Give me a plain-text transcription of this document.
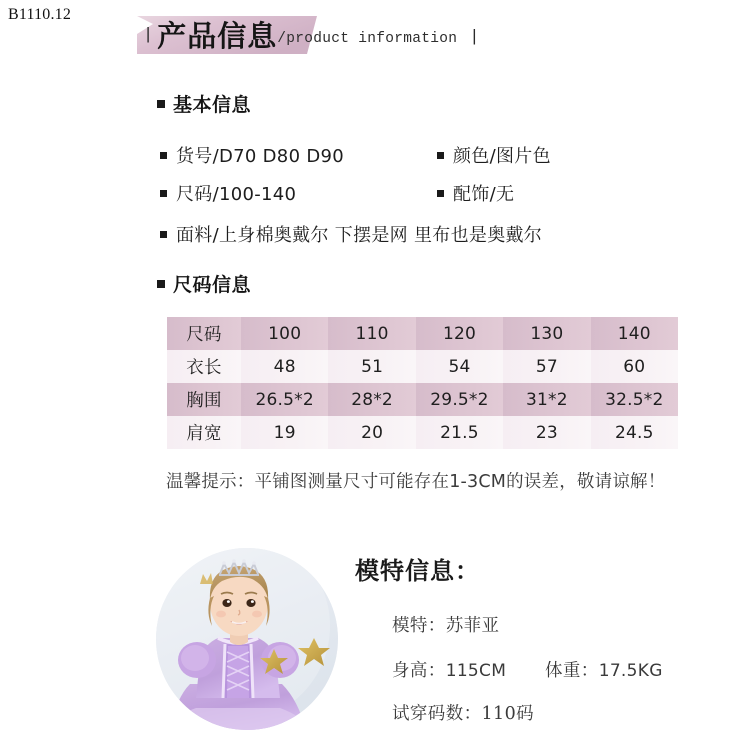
B1110.12
| 产品信息 /product information |
基本信息
货号/D70 D80 D90	颜色/图片色
尺码/100-140	配饰/无
面料/上身棉奥戴尔 下摆是网 里布也是奥戴尔
尺码信息
尺码	100	110	120	130	140
衣长	48	51	54	57	60
胸围	26.5*2	28*2	29.5*2	31*2	32.5*2
肩宽	19	20	21.5	23	24.5
温馨提示：平铺图测量尺寸可能存在1-3CM的误差，敬请谅解！
模特信息：
模特：苏菲亚
身高：115CM 体重：17.5KG
试穿码数：110码
